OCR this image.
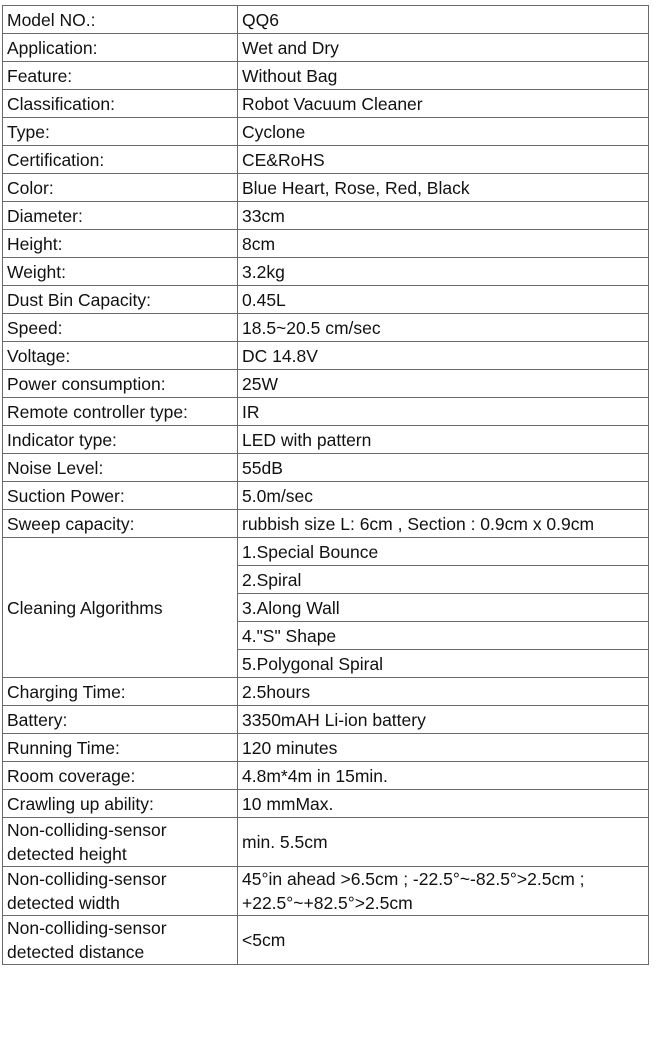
Model NO.:	QQ6
Application:	Wet and Dry
Feature:	Without Bag
Classification:	Robot Vacuum Cleaner
Type:	Cyclone
Certification:	CE&RoHS
Color:	Blue Heart, Rose, Red, Black
Diameter:	33cm
Height:	8cm
Weight:	3.2kg
Dust Bin Capacity:	0.45L
Speed:	18.5~20.5 cm/sec
Voltage:	DC 14.8V
Power consumption:	25W
Remote controller type:	IR
Indicator type:	LED with pattern
Noise Level:	55dB
Suction Power:	5.0m/sec
Sweep capacity:	rubbish size L: 6cm , Section : 0.9cm x 0.9cm
Cleaning Algorithms	1.Special Bounce
	2.Spiral
	3.Along Wall
	4."S" Shape
	5.Polygonal Spiral
Charging Time:	2.5hours
Battery:	3350mAH Li-ion battery
Running Time:	120 minutes
Room coverage:	4.8m*4m in 15min.
Crawling up ability:	10 mmMax.
Non-colliding-sensor detected height	min. 5.5cm
Non-colliding-sensor detected width	45°in ahead >6.5cm ; -22.5°~-82.5°>2.5cm ; +22.5°~+82.5°>2.5cm
Non-colliding-sensor detected distance	<5cm
